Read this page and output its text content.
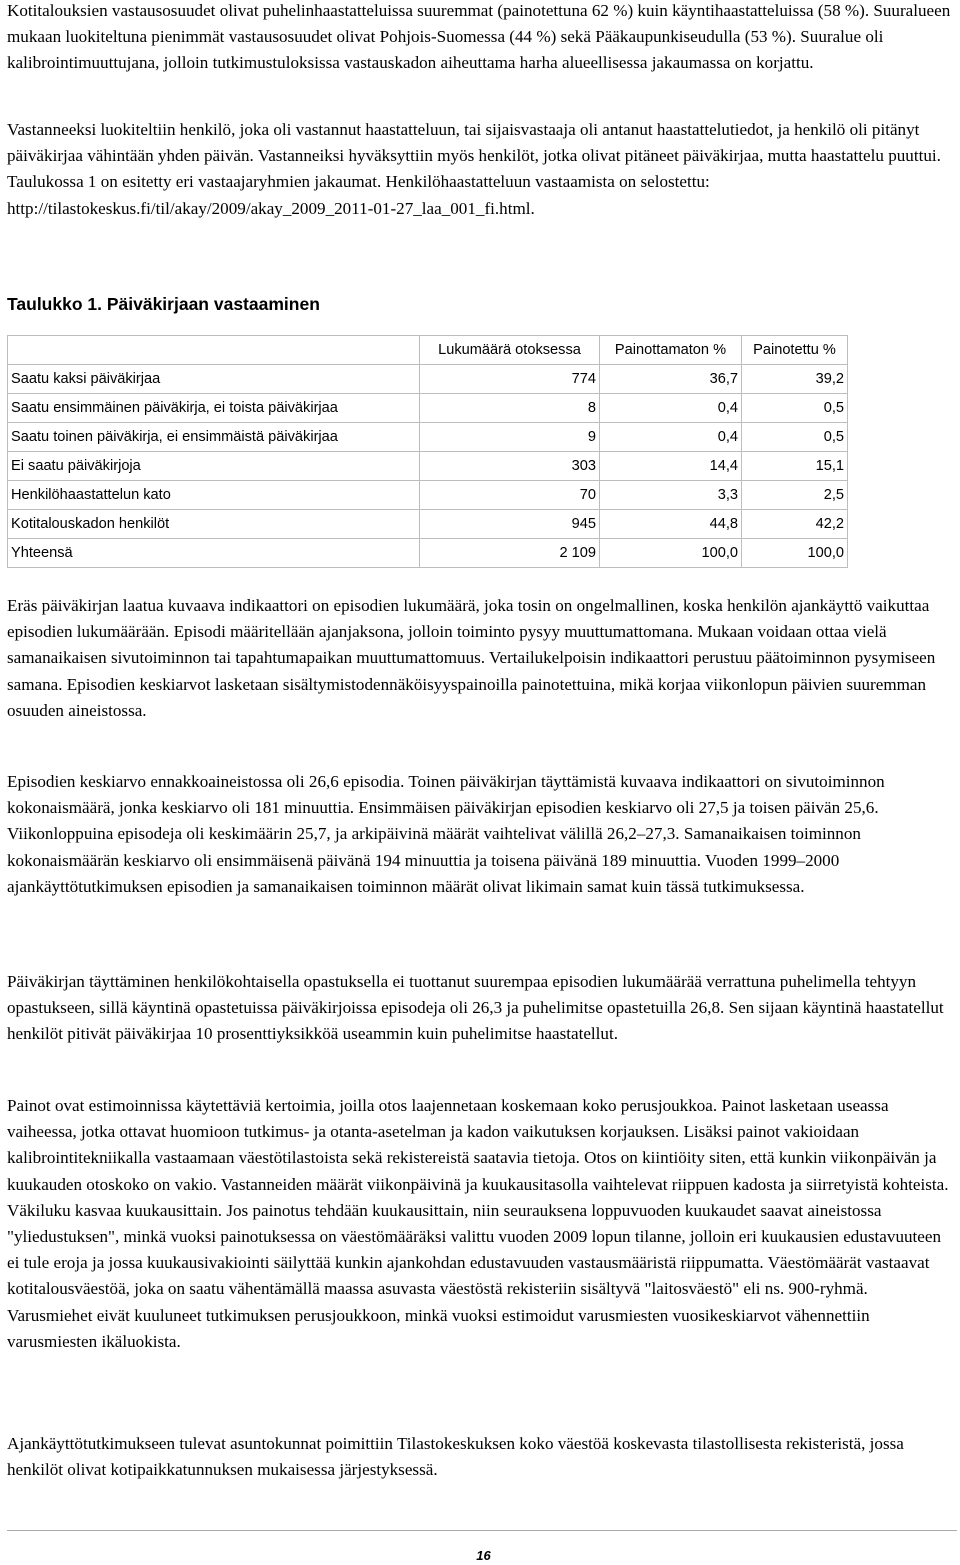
Kotitalouksien vastausosuudet olivat puhelinhaastatteluissa suuremmat (painotettuna 62 %) kuin käyntihaastatteluissa (58 %). Suuralueen mukaan luokiteltuna pienimmät vastausosuudet olivat Pohjois-Suomessa (44 %) sekä Pääkaupunkiseudulla (53 %). Suuralue oli kalibrointimuuttujana, jolloin tutkimustuloksissa vastauskadon aiheuttama harha alueellisessa jakaumassa on korjattu.

Vastanneeksi luokiteltiin henkilö, joka oli vastannut haastatteluun, tai sijaisvastaaja oli antanut haastattelutiedot, ja henkilö oli pitänyt päiväkirjaa vähintään yhden päivän. Vastanneiksi hyväksyttiin myös henkilöt, jotka olivat pitäneet päiväkirjaa, mutta haastattelu puuttui. Taulukossa 1 on esitetty eri vastaajaryhmien jakaumat. Henkilöhaastatteluun vastaamista on selostettu: http://tilastokeskus.fi/til/akay/2009/akay_2009_2011-01-27_laa_001_fi.html.

Taulukko 1. Päiväkirjaan vastaaminen
	Lukumäärä otoksessa	Painottamaton %	Painotettu %
Saatu kaksi päiväkirjaa	774	36,7	39,2
Saatu ensimmäinen päiväkirja, ei toista päiväkirjaa	8	0,4	0,5
Saatu toinen päiväkirja, ei ensimmäistä päiväkirjaa	9	0,4	0,5
Ei saatu päiväkirjoja	303	14,4	15,1
Henkilöhaastattelun kato	70	3,3	2,5
Kotitalouskadon henkilöt	945	44,8	42,2
Yhteensä	2 109	100,0	100,0

Eräs päiväkirjan laatua kuvaava indikaattori on episodien lukumäärä, joka tosin on ongelmallinen, koska henkilön ajankäyttö vaikuttaa episodien lukumäärään. Episodi määritellään ajanjaksona, jolloin toiminto pysyy muuttumattomana. Mukaan voidaan ottaa vielä samanaikaisen sivutoiminnon tai tapahtumapaikan muuttumattomuus. Vertailukelpoisin indikaattori perustuu päätoiminnon pysymiseen samana. Episodien keskiarvot lasketaan sisältymistodennäköisyyspainoilla painotettuina, mikä korjaa viikonlopun päivien suuremman osuuden aineistossa.

Episodien keskiarvo ennakkoaineistossa oli 26,6 episodia. Toinen päiväkirjan täyttämistä kuvaava indikaattori on sivutoiminnon kokonaismäärä, jonka keskiarvo oli 181 minuuttia. Ensimmäisen päiväkirjan episodien keskiarvo oli 27,5 ja toisen päivän 25,6. Viikonloppuina episodeja oli keskimäärin 25,7, ja arkipäivinä määrät vaihtelivat välillä 26,2–27,3. Samanaikaisen toiminnon kokonaismäärän keskiarvo oli ensimmäisenä päivänä 194 minuuttia ja toisena päivänä 189 minuuttia. Vuoden 1999–2000 ajankäyttötutkimuksen episodien ja samanaikaisen toiminnon määrät olivat likimain samat kuin tässä tutkimuksessa.

Päiväkirjan täyttäminen henkilökohtaisella opastuksella ei tuottanut suurempaa episodien lukumäärää verrattuna puhelimella tehtyyn opastukseen, sillä käyntinä opastetuissa päiväkirjoissa episodeja oli 26,3 ja puhelimitse opastetuilla 26,8. Sen sijaan käyntinä haastatellut henkilöt pitivät päiväkirjaa 10 prosenttiyksikköä useammin kuin puhelimitse haastatellut.

Painot ovat estimoinnissa käytettäviä kertoimia, joilla otos laajennetaan koskemaan koko perusjoukkoa. Painot lasketaan useassa vaiheessa, jotka ottavat huomioon tutkimus- ja otanta-asetelman ja kadon vaikutuksen korjauksen. Lisäksi painot vakioidaan kalibrointitekniikalla vastaamaan väestötilastoista sekä rekistereistä saatavia tietoja. Otos on kiintiöity siten, että kunkin viikonpäivän ja kuukauden otoskoko on vakio. Vastanneiden määrät viikonpäivinä ja kuukausitasolla vaihtelevat riippuen kadosta ja siirretyistä kohteista. Väkiluku kasvaa kuukausittain. Jos painotus tehdään kuukausittain, niin seurauksena loppuvuoden kuukaudet saavat aineistossa "yliedustuksen", minkä vuoksi painotuksessa on väestömääräksi valittu vuoden 2009 lopun tilanne, jolloin eri kuukausien edustavuuteen ei tule eroja ja jossa kuukausivakiointi säilyttää kunkin ajankohdan edustavuuden vastausmääristä riippumatta. Väestömäärät vastaavat kotitalousväestöä, joka on saatu vähentämällä maassa asuvasta väestöstä rekisteriin sisältyvä "laitosväestö" eli ns. 900-ryhmä. Varusmiehet eivät kuuluneet tutkimuksen perusjoukkoon, minkä vuoksi estimoidut varusmiesten vuosikeskiarvot vähennettiin varusmiesten ikäluokista.

Ajankäyttötutkimukseen tulevat asuntokunnat poimittiin Tilastokeskuksen koko väestöä koskevasta tilastollisesta rekisteristä, jossa henkilöt olivat kotipaikkatunnuksen mukaisessa järjestyksessä.

16
